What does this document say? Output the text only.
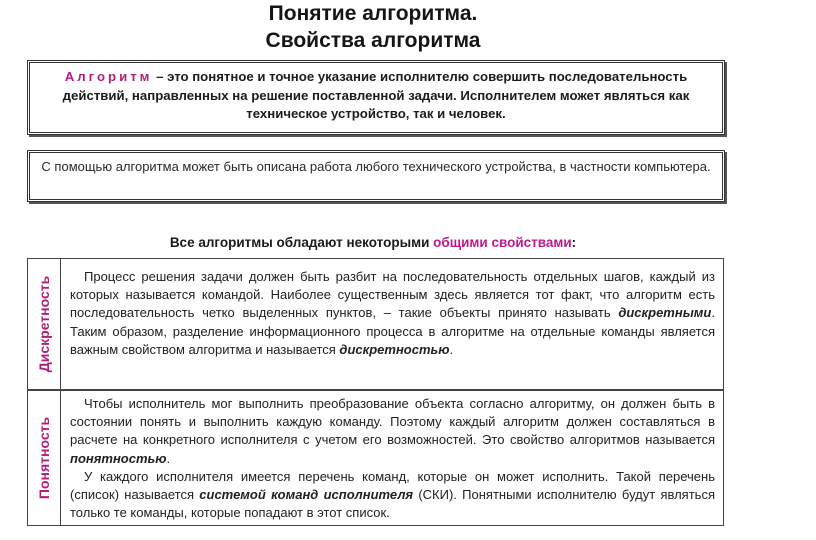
Понятие алгоритма.
Свойства алгоритма

Алгоритм – это понятное и точное указание исполнителю совершить последовательность действий, направленных на решение поставленной задачи. Исполнителем может являться как техническое устройство, так и человек.

С помощью алгоритма может быть описана работа любого технического устройства, в частности компьютера.

Все алгоритмы обладают некоторыми общими свойствами:
Дискретность	Процесс решения задачи должен быть разбит на последовательность отдельных шагов, каждый из которых называется командой. Наиболее существенным здесь является тот факт, что алгоритм есть последовательность четко выделенных пунктов, – такие объекты принято называть дискретными. Таким образом, разделение информационного процесса в алгоритме на отдельные команды является важным свойством алгоритма и называется дискретностью.

Понятность

Чтобы исполнитель мог выполнить преобразование объекта согласно алгоритму, он должен быть в состоянии понять и выполнить каждую команду. Поэтому каждый алгоритм должен составляться в расчете на конкретного исполнителя с учетом его возможностей. Это свойство алгоритмов называется понятностью.

У каждого исполнителя имеется перечень команд, которые он может исполнить. Такой перечень (список) называется системой команд исполнителя (СКИ). Понятными исполнителю будут являться только те команды, которые попадают в этот список.
